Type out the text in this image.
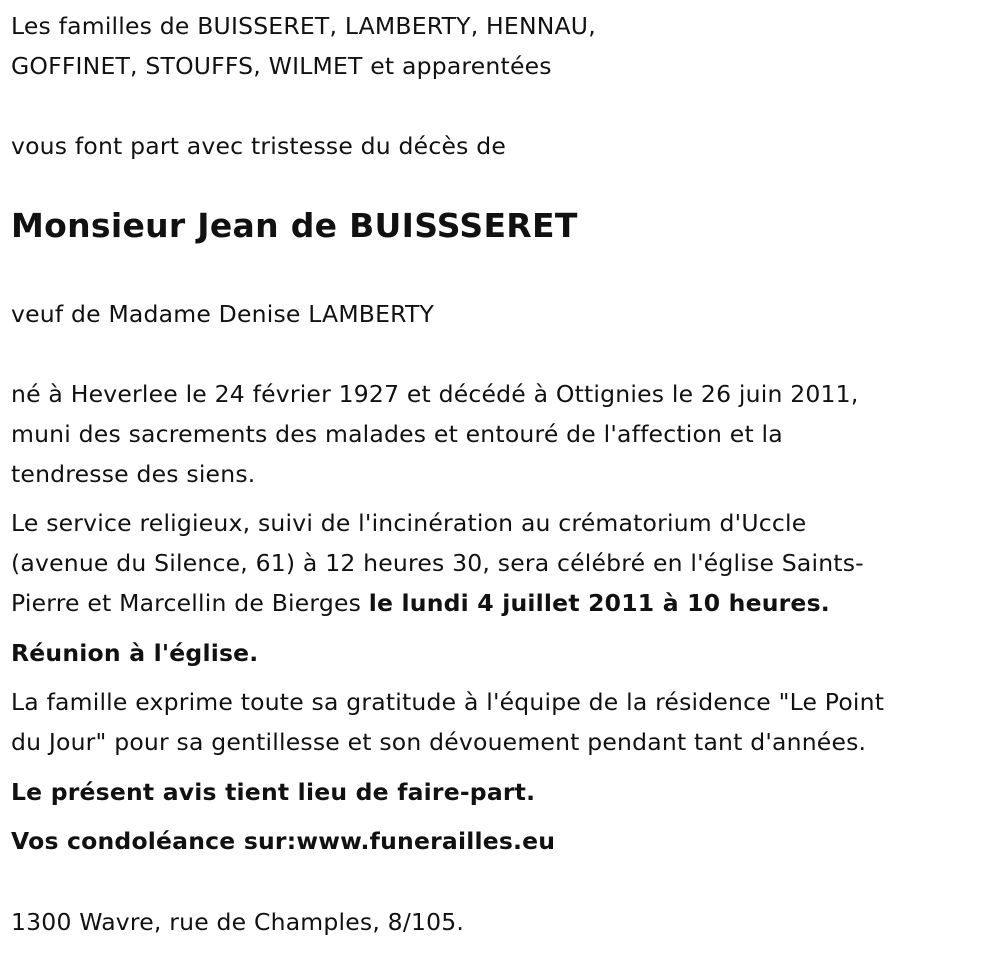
Les familles de BUISSERET, LAMBERTY, HENNAU,
GOFFINET, STOUFFS, WILMET et apparentées
vous font part avec tristesse du décès de
Monsieur Jean de BUISSSERET
veuf de Madame Denise LAMBERTY
né à Heverlee le 24 février 1927 et décédé à Ottignies le 26 juin 2011,
muni des sacrements des malades et entouré de l'affection et la
tendresse des siens.
Le service religieux, suivi de l'incinération au crématorium d'Uccle
(avenue du Silence, 61) à 12 heures 30, sera célébré en l'église Saints-
Pierre et Marcellin de Bierges le lundi 4 juillet 2011 à 10 heures.
Réunion à l'église.
La famille exprime toute sa gratitude à l'équipe de la résidence "Le Point
du Jour" pour sa gentillesse et son dévouement pendant tant d'années.
Le présent avis tient lieu de faire-part.
Vos condoléance sur:www.funerailles.eu
1300 Wavre, rue de Champles, 8/105.
